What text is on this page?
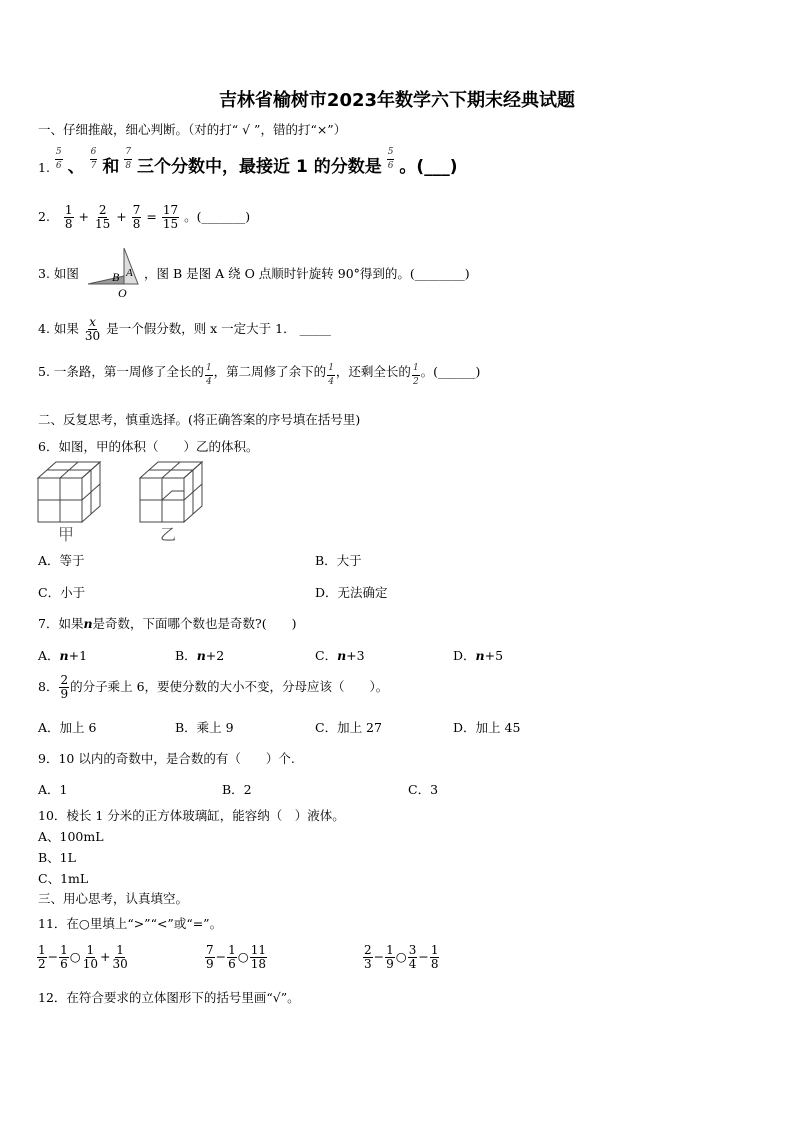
吉林省榆树市2023年数学六下期末经典试题
一、仔细推敲，细心判断。（对的打“ √ ”，错的打“×”）
1. $\frac{5}{6}$ 、 $\frac{6}{7}$ 和 $\frac{7}{8}$ 三个分数中，最接近 1 的分数是 $\frac{5}{6}$ 。(___)
2. $\frac{1}{8} + \frac{2}{15} + \frac{7}{8} = \frac{17}{15}$ 。(_______)
3. 如图	B A
O
，图 B 是图 A 绕 O 点顺时针旋转 90°得到的。(________)
4. 如果 $\frac{x}{30}$ 是一个假分数，则 x 一定大于 1． _____
5. 一条路，第一周修了全长的 $\frac{1}{4}$ ，第二周修了余下的 $\frac{1}{4}$ ，还剩全长的 $\frac{1}{2}$ 。(______)
二、反复思考，慎重选择。(将正确答案的序号填在括号里)
6．如图，甲的体积（　　）乙的体积。
甲	乙
A．等于	B．大于
C．小于	D．无法确定
7．如果n是奇数，下面哪个数也是奇数?(　　)
A．n+1	B．n+2	C．n+3	D．n+5
8． $\frac{2}{9}$ 的分子乘上 6，要使分数的大小不变，分母应该（　　）。
A．加上 6	B．乘上 9	C．加上 27	D．加上 45
9．10 以内的奇数中，是合数的有（　　）个.
A．1	B．2	C．3
10．棱长 1 分米的正方体玻璃缸，能容纳（　）液体。
A、100mL
B、1L
C、1mL
三、用心思考，认真填空。
11．在○里填上“>”“<”或“=”。
$\frac{1}{2} - \frac{1}{6}$ ○ $\frac{1}{10} + \frac{1}{30}$	$\frac{7}{9} - \frac{1}{6}$ ○ $\frac{11}{18}$	$\frac{2}{3} - \frac{1}{9}$ ○ $\frac{3}{4} - \frac{1}{8}$
12．在符合要求的立体图形下的括号里画“√”。
